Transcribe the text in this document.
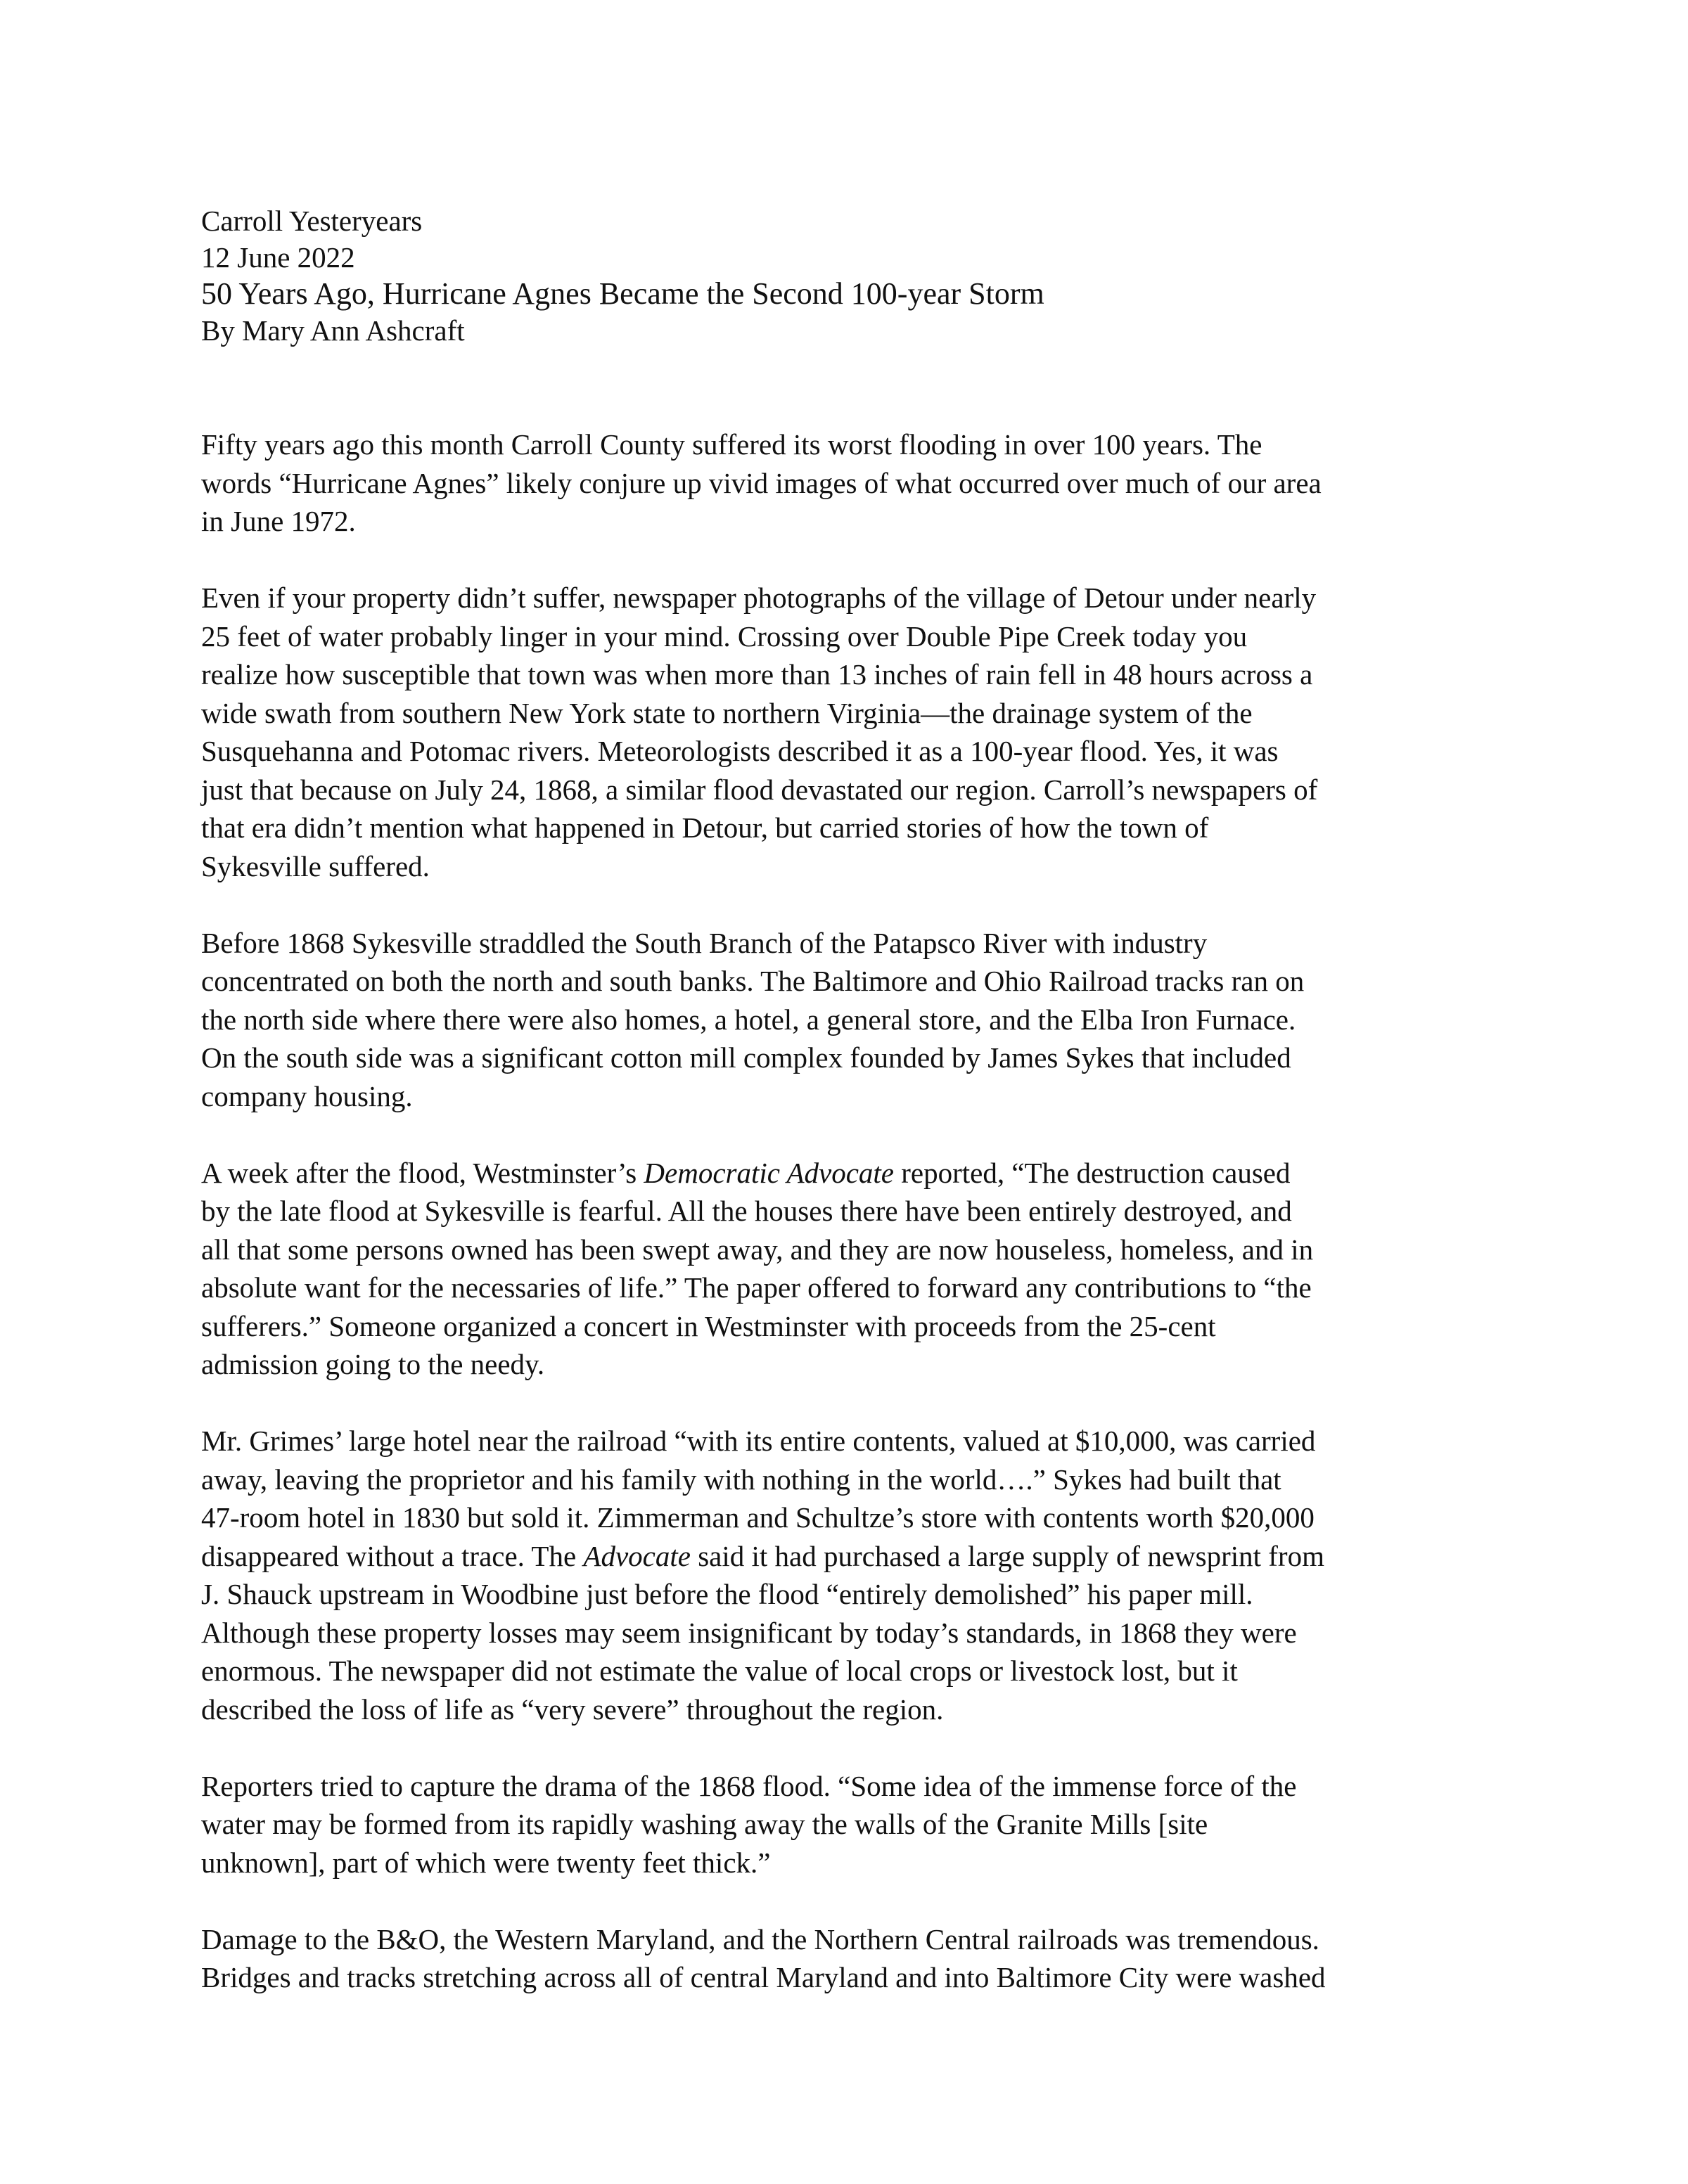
Carroll Yesteryears
12 June 2022
50 Years Ago, Hurricane Agnes Became the Second 100-year Storm
By Mary Ann Ashcraft
Fifty years ago this month Carroll County suffered its worst flooding in over 100 years. The
words “Hurricane Agnes” likely conjure up vivid images of what occurred over much of our area
in June 1972.
Even if your property didn’t suffer, newspaper photographs of the village of Detour under nearly
25 feet of water probably linger in your mind. Crossing over Double Pipe Creek today you
realize how susceptible that town was when more than 13 inches of rain fell in 48 hours across a
wide swath from southern New York state to northern Virginia—the drainage system of the
Susquehanna and Potomac rivers. Meteorologists described it as a 100-year flood. Yes, it was
just that because on July 24, 1868, a similar flood devastated our region. Carroll’s newspapers of
that era didn’t mention what happened in Detour, but carried stories of how the town of
Sykesville suffered.
Before 1868 Sykesville straddled the South Branch of the Patapsco River with industry
concentrated on both the north and south banks. The Baltimore and Ohio Railroad tracks ran on
the north side where there were also homes, a hotel, a general store, and the Elba Iron Furnace.
On the south side was a significant cotton mill complex founded by James Sykes that included
company housing.
A week after the flood, Westminster’s Democratic Advocate reported, “The destruction caused
by the late flood at Sykesville is fearful. All the houses there have been entirely destroyed, and
all that some persons owned has been swept away, and they are now houseless, homeless, and in
absolute want for the necessaries of life.” The paper offered to forward any contributions to “the
sufferers.” Someone organized a concert in Westminster with proceeds from the 25-cent
admission going to the needy.
Mr. Grimes’ large hotel near the railroad “with its entire contents, valued at $10,000, was carried
away, leaving the proprietor and his family with nothing in the world….” Sykes had built that
47-room hotel in 1830 but sold it. Zimmerman and Schultze’s store with contents worth $20,000
disappeared without a trace. The Advocate said it had purchased a large supply of newsprint from
J. Shauck upstream in Woodbine just before the flood “entirely demolished” his paper mill.
Although these property losses may seem insignificant by today’s standards, in 1868 they were
enormous. The newspaper did not estimate the value of local crops or livestock lost, but it
described the loss of life as “very severe” throughout the region.
Reporters tried to capture the drama of the 1868 flood. “Some idea of the immense force of the
water may be formed from its rapidly washing away the walls of the Granite Mills [site
unknown], part of which were twenty feet thick.”
Damage to the B&O, the Western Maryland, and the Northern Central railroads was tremendous.
Bridges and tracks stretching across all of central Maryland and into Baltimore City were washed
